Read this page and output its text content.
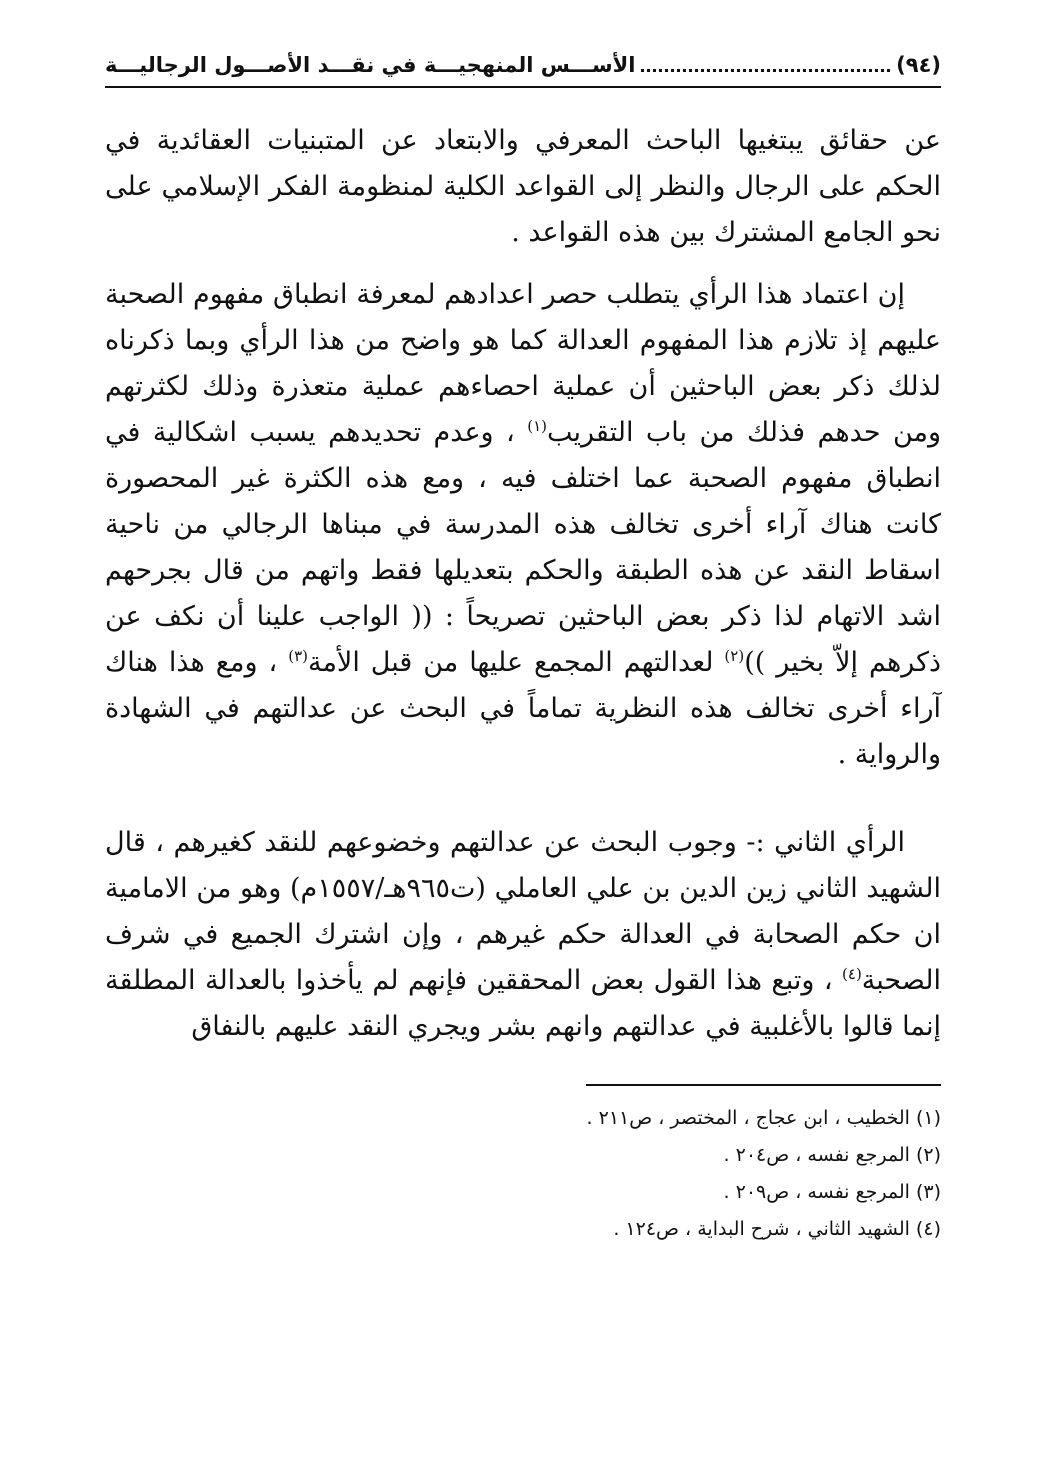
(٩٤)
الأســـس المنهجيـــة في نقـــد الأصـــول الرجاليـــة

عن حقائق يبتغيها الباحث المعرفي والابتعاد عن المتبنيات العقائدية في الحكم على الرجال والنظر إلى القواعد الكلية لمنظومة الفكر الإسلامي على نحو الجامع المشترك بين هذه القواعد .

إن اعتماد هذا الرأي يتطلب حصر اعدادهم لمعرفة انطباق مفهوم الصحبة عليهم إذ تلازم هذا المفهوم العدالة كما هو واضح من هذا الرأي وبما ذكرناه لذلك ذكر بعض الباحثين أن عملية احصاءهم عملية متعذرة وذلك لكثرتهم ومن حدهم فذلك من باب التقريب$^{(١)}$ ، وعدم تحديدهم يسبب اشكالية في انطباق مفهوم الصحبة عما اختلف فيه ، ومع هذه الكثرة غير المحصورة كانت هناك آراء أخرى تخالف هذه المدرسة في مبناها الرجالي من ناحية اسقاط النقد عن هذه الطبقة والحكم بتعديلها فقط واتهم من قال بجرحهم اشد الاتهام لذا ذكر بعض الباحثين تصريحاً : (( الواجب علينا أن نكف عن ذكرهم إلاّ بخير ))$^{(٢)}$ لعدالتهم المجمع عليها من قبل الأمة$^{(٣)}$ ، ومع هذا هناك آراء أخرى تخالف هذه النظرية تماماً في البحث عن عدالتهم في الشهادة والرواية .

الرأي الثاني :- وجوب البحث عن عدالتهم وخضوعهم للنقد كغيرهم ، قال الشهيد الثاني زين الدين بن علي العاملي (ت٩٦٥هـ/١٥٥٧م) وهو من الامامية ان حكم الصحابة في العدالة حكم غيرهم ، وإن اشترك الجميع في شرف الصحبة$^{(٤)}$ ، وتبع هذا القول بعض المحققين فإنهم لم يأخذوا بالعدالة المطلقة إنما قالوا بالأغلبية في عدالتهم وانهم بشر ويجري النقد عليهم بالنفاق

(١) الخطيب ، ابن عجاج ، المختصر ، ص٢١١ .

(٢) المرجع نفسه ، ص٢٠٤ .

(٣) المرجع نفسه ، ص٢٠٩ .

(٤) الشهيد الثاني ، شرح البداية ، ص١٢٤ .
